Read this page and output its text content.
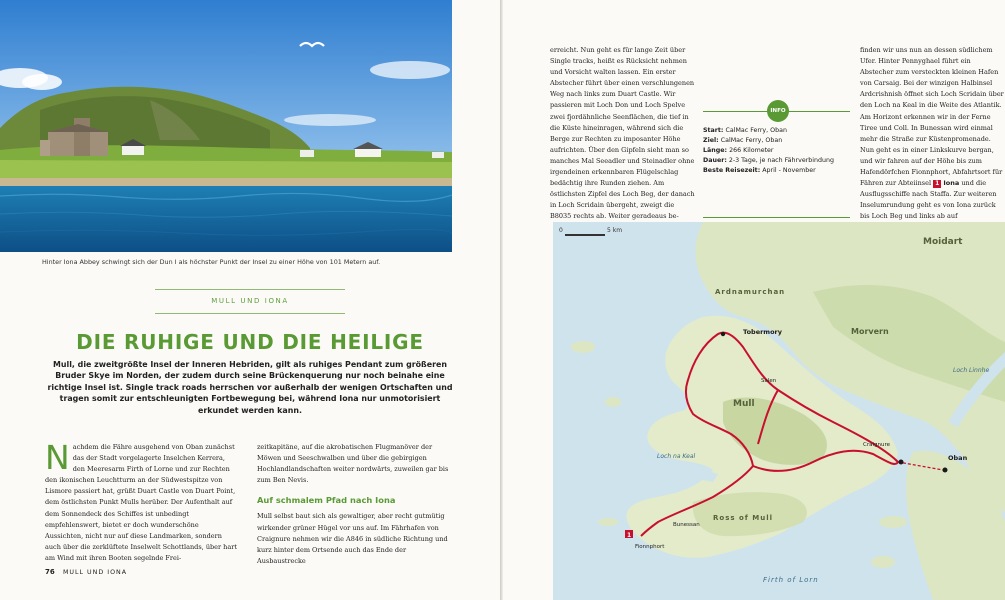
Hinter Iona Abbey schwingt sich der Dun I als höchster Punkt der Insel zu einer Höhe von 101 Metern auf.
MULL UND IONA
DIE RUHIGE UND DIE HEILIGE

Mull, die zweitgrößte Insel der Inneren Hebriden, gilt als ruhiges Pendant zum größeren Bruder Skye im Norden, der zudem durch seine Brückenquerung nur noch beinahe eine richtige Insel ist. Single track roads herrschen vor außerhalb der wenigen Ortschaften und tragen somit zur entschleunigten Fortbewegung bei, während Iona nur unmotorisiert erkundet werden kann.

Nachdem die Fähre ausgehend von Oban zunächst das der Stadt vorgelagerte Inselchen Kerrera, den Meeresarm Firth of Lorne und zur Rechten den ikonischen Leuchtturm an der Südwestspitze von Lismore passiert hat, grüßt Duart Castle von Duart Point, dem östlichsten Punkt Mulls herüber. Der Aufenthalt auf dem Sonnendeck des Schiffes ist unbedingt empfehlenswert, bietet er doch wunderschöne Aussichten, nicht nur auf diese Landmarken, sondern auch über die zerklüftete Inselwelt Schottlands, über hart am Wind mit ihren Booten segelnde Frei-

zeitkapitäne, auf die akrobatischen Flugmanöver der Möwen und Seeschwalben und über die gebirgigen Hochlandlandschaften weiter nordwärts, zuweilen gar bis zum Ben Nevis.

Auf schmalem Pfad nach Iona

Mull selbst baut sich als gewaltiger, aber recht gutmütig wirkender grüner Hügel vor uns auf. Im Fährhafen von Craignure nehmen wir die A846 in südliche Richtung und kurz hinter dem Ortsende auch das Ende der Ausbaustrecke

76 MULL UND IONA

erreicht. Nun geht es für lange Zeit über Single tracks, heißt es Rücksicht nehmen und Vorsicht walten lassen. Ein erster Abstecher führt über einen verschlungenen Weg nach links zum Duart Castle. Wir passieren mit Loch Don und Loch Spelve zwei fjordähnliche Seenflächen, die tief in die Küste hineinragen, während sich die Berge zur Rechten zu imposanter Höhe aufrichten. Über den Gipfeln sieht man so manches Mal Seeadler und Steinadler ohne irgendeinen erkennbaren Flügelschlag bedächtig ihre Runden ziehen. Am östlichsten Zipfel des Loch Beg, der danach in Loch Scridain übergeht, zweigt die B8035 rechts ab. Weiter geradeaus be-

INFO
Start: CalMac Ferry, Oban
Ziel: CalMac Ferry, Oban
Länge: 266 Kilometer
Dauer: 2-3 Tage, je nach Fährverbindung
Beste Reisezeit: April - November

finden wir uns nun an dessen südlichem Ufer. Hinter Pennyghael führt ein Abstecher zum versteckten kleinen Hafen von Carsaig. Bei der winzigen Halbinsel Ardcrishnish öffnet sich Loch Scridain über den Loch na Keal in die Weite des Atlantik. Am Horizont erkennen wir in der Ferne Tiree und Coll. In Bunessan wird einmal mehr die Straße zur Küstenpromenade. Nun geht es in einer Linkskurve bergan, und wir fahren auf der Höhe bis zum Hafendörfchen Fionnphort, Abfahrtsort für Fähren zur Abteiinsel 1 Iona und die Ausflugsschiffe nach Staffa. Zur weiteren Inselumrundung geht es von Iona zurück bis Loch Beg und links ab auf

0	5 km
Moidart
Ardnamurchan
Morvern
Tobermory
Mull
Salen
Craignure
Loch na Keal
Ross of Mull
Bunessan
Fionnphort
1
Oban
Loch Linnhe
Firth of Lorn
